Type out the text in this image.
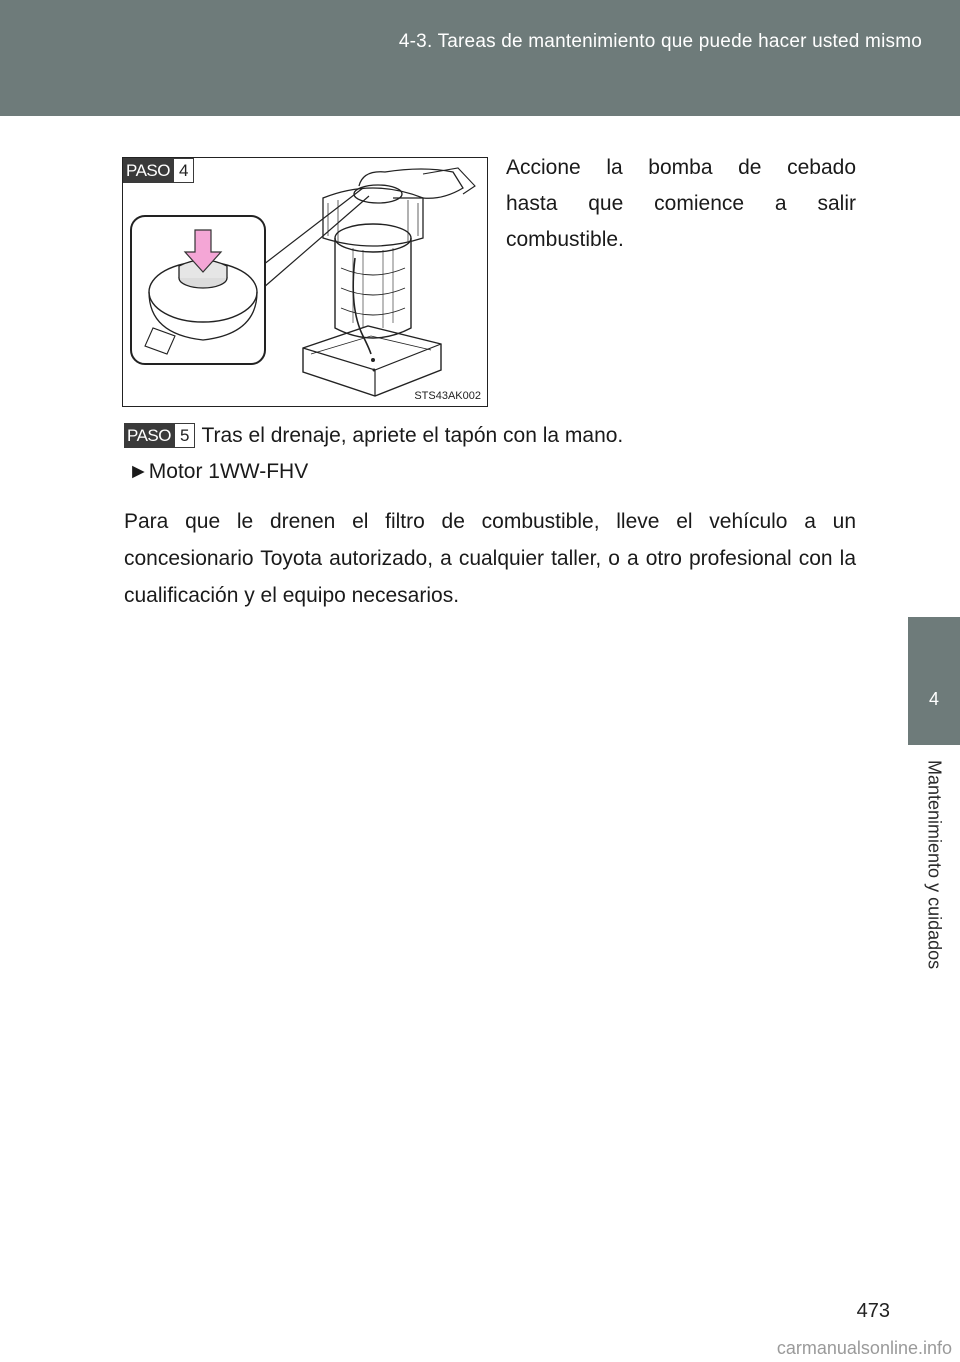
4-3. Tareas de mantenimiento que puede hacer usted mismo
4
Mantenimiento y cuidados
PASO 4
STS43AK002
Accione la bomba de cebado
hasta que comience a salir
combustible.
PASO 5 Tras el drenaje, apriete el tapón con la mano.
►Motor 1WW-FHV
Para que le drenen el filtro de combustible, lleve el vehículo a un concesionario Toyota autorizado, a cualquier taller, o a otro profesional con la cualificación y el equipo necesarios.
473
carmanualsonline.info
